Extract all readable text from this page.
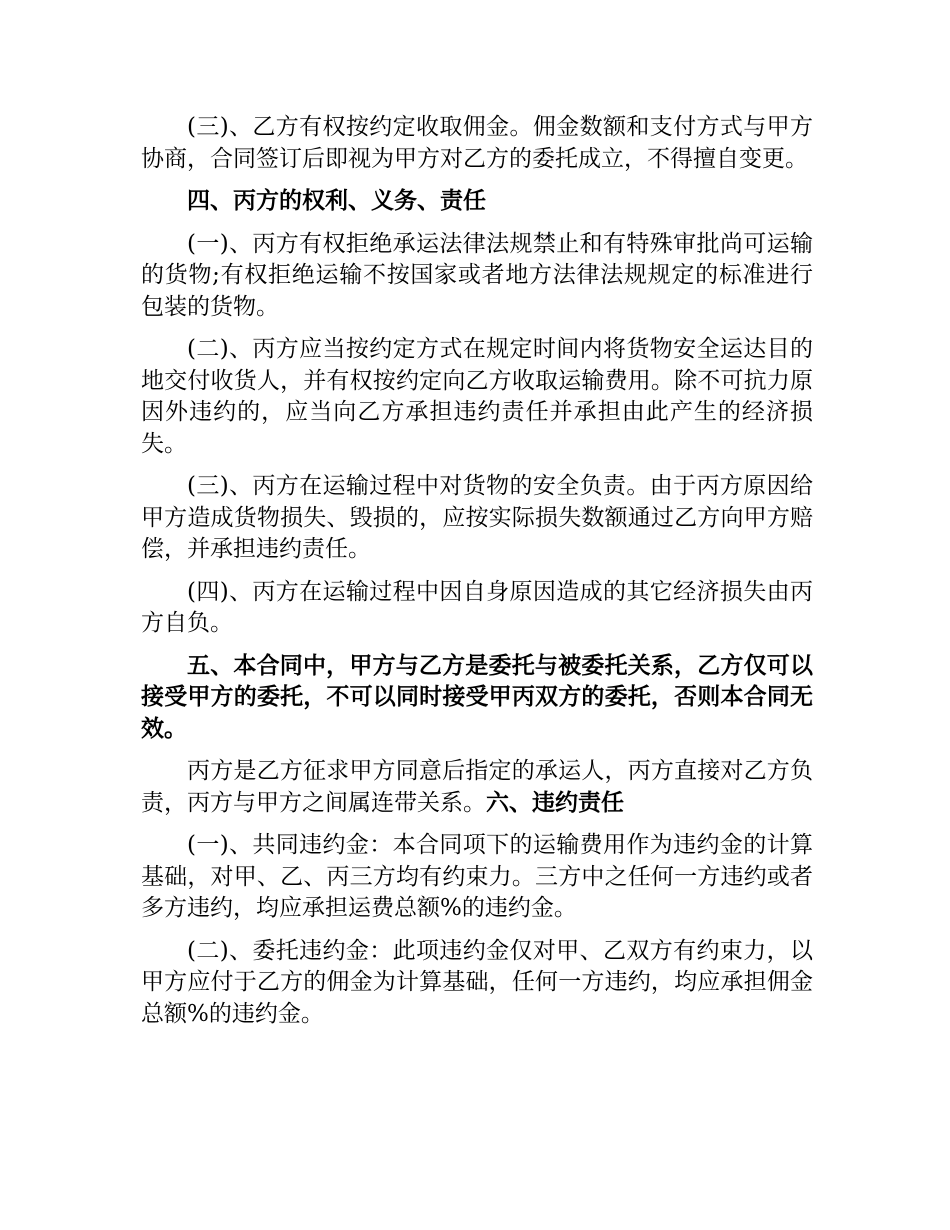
(三)、乙方有权按约定收取佣金。佣金数额和支付方式与甲方协商，合同签订后即视为甲方对乙方的委托成立，不得擅自变更。

四、丙方的权利、义务、责任

(一)、丙方有权拒绝承运法律法规禁止和有特殊审批尚可运输的货物;有权拒绝运输不按国家或者地方法律法规规定的标准进行包装的货物。

(二)、丙方应当按约定方式在规定时间内将货物安全运达目的地交付收货人，并有权按约定向乙方收取运输费用。除不可抗力原因外违约的，应当向乙方承担违约责任并承担由此产生的经济损失。

(三)、丙方在运输过程中对货物的安全负责。由于丙方原因给甲方造成货物损失、毁损的，应按实际损失数额通过乙方向甲方赔偿，并承担违约责任。

(四)、丙方在运输过程中因自身原因造成的其它经济损失由丙方自负。

五、本合同中，甲方与乙方是委托与被委托关系，乙方仅可以接受甲方的委托，不可以同时接受甲丙双方的委托，否则本合同无效。

丙方是乙方征求甲方同意后指定的承运人，丙方直接对乙方负责，丙方与甲方之间属连带关系。六、违约责任

(一)、共同违约金：本合同项下的运输费用作为违约金的计算基础，对甲、乙、丙三方均有约束力。三方中之任何一方违约或者多方违约，均应承担运费总额%的违约金。

(二)、委托违约金：此项违约金仅对甲、乙双方有约束力，以甲方应付于乙方的佣金为计算基础，任何一方违约，均应承担佣金总额%的违约金。
